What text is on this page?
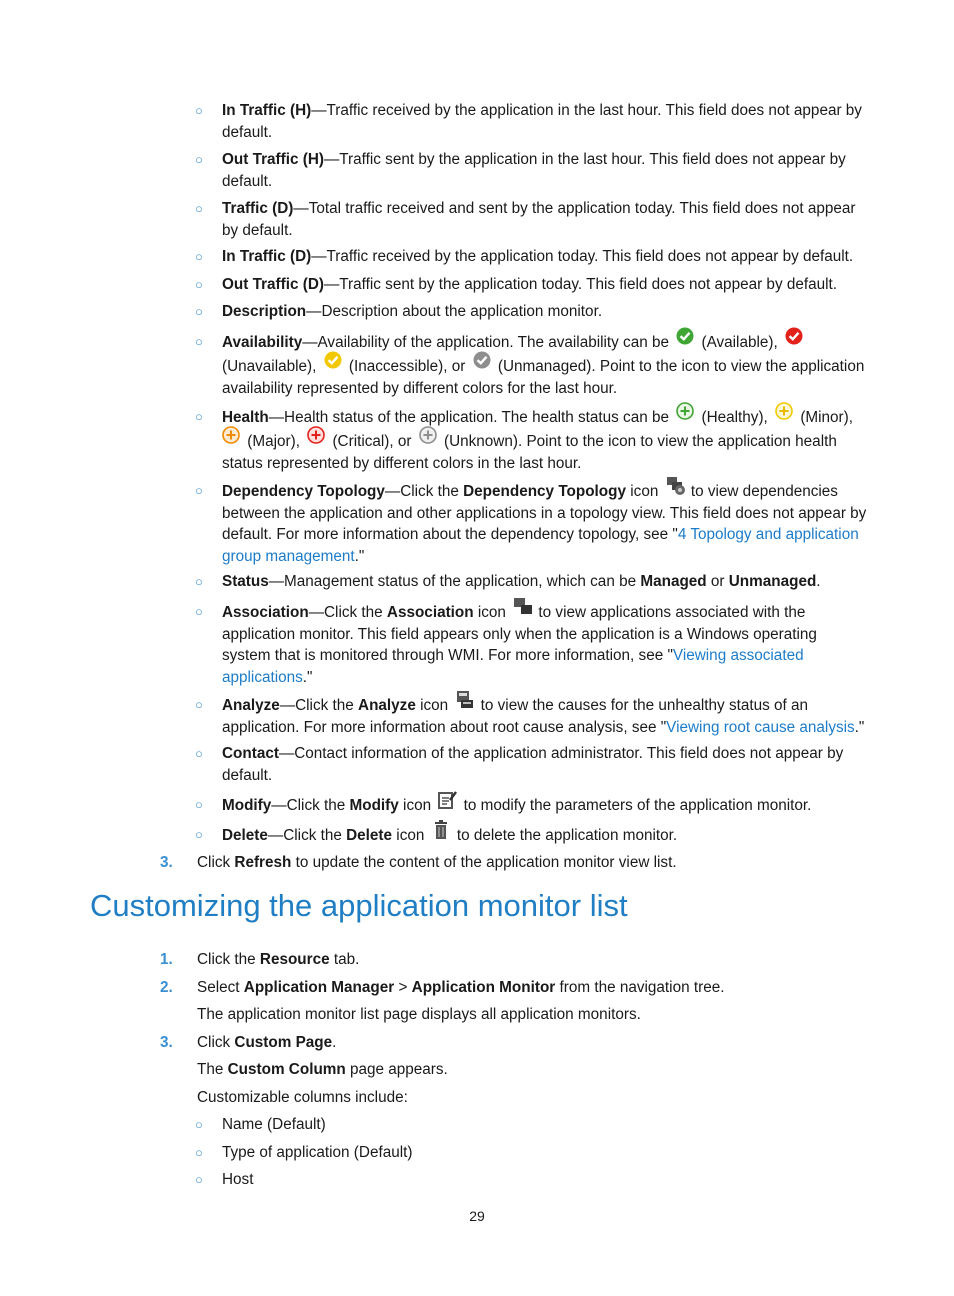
○ In Traffic (H)—Traffic received by the application in the last hour. This field does not appear by default.
○ Out Traffic (H)—Traffic sent by the application in the last hour. This field does not appear by default.
○ Traffic (D)—Total traffic received and sent by the application today. This field does not appear by default.
○ In Traffic (D)—Traffic received by the application today. This field does not appear by default.
○ Out Traffic (D)—Traffic sent by the application today. This field does not appear by default.
○ Description—Description about the application monitor.
○ Availability—Availability of the application. The availability can be (Available),

(Unavailable), (Inaccessible), or (Unmanaged). Point to the icon to view the application availability represented by different colors for the last hour.
○ Health—Health status of the application. The health status can be (Healthy), (Minor),

(Major), (Critical), or (Unknown). Point to the icon to view the application health status represented by different colors in the last hour.
○ Dependency Topology—Click the Dependency Topology icon to view dependencies between the application and other applications in a topology view. This field does not appear by default. For more information about the dependency topology, see "4 Topology and application group management."
○ Status—Management status of the application, which can be Managed or Unmanaged.
○ Association—Click the Association icon to view applications associated with the application monitor. This field appears only when the application is a Windows operating system that is monitored through WMI. For more information, see "Viewing associated applications."
○ Analyze—Click the Analyze icon to view the causes for the unhealthy status of an application. For more information about root cause analysis, see "Viewing root cause analysis."
○ Contact—Contact information of the application administrator. This field does not appear by default.
○ Modify—Click the Modify icon to modify the parameters of the application monitor.
○ Delete—Click the Delete icon to delete the application monitor.
3. Click Refresh to update the content of the application monitor view list.
Customizing the application monitor list
1. Click the Resource tab.
2. Select Application Manager > Application Monitor from the navigation tree.
The application monitor list page displays all application monitors.
3. Click Custom Page.
The Custom Column page appears.
Customizable columns include:
○ Name (Default)
○ Type of application (Default)
○ Host
29
